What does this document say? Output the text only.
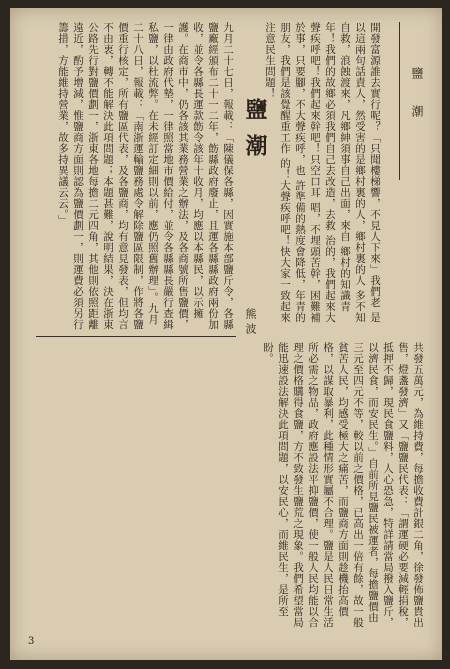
鹽潮
開發富源誰去實行呢？「只聞樓梯響，不見人下來」我們老 是以這兩句話責人，然受害的是鄉村裏的人，鄉村裏的人 多不知自救，浪蝕渡來，凡鄉紳須事自己出面，來自 鄉村的知識青年！我們的故鄉必須我們自己去改造，去救 治的，我們起來大聲疾呼吧！我們起來幹吧！只空口耳 唱，不埋頭苦幹，困難補於事，只要腳，不大聲疾呼，也 許準備的熱度會降低，年青的朋友，我們是該覺醒重工作 的！大聲疾呼吧！快大家一致起來注意民生問題！
鹽潮
熊波
九月二十七日，報載：「陳儀保各縣，因實施本部鹽斤令，各縣鹽廠經頒布二十一二年，飭縣政府廢止，且運各縣縣政府兩份加收，並令各縣長運款飭令該年十收月，均應以本縣民，以示擁護。在商市中，仍各該其業務營業之辦法，及各商號所售鹽價，一律由政府代墊，一律照當地市價給付，並令各縣縣長嚴行查緝私鹽，以杜流弊。在未經訂定細則以前，應仍照舊辦理」。九月二十八日，報載：「南浙運輸鹽務處令解除鹽區限制，作將各鹽價重行核定，所有鹽區代表，及各鹽商，均有意見發表，但均言不由衷，轉不能解決此項問題；本題甚難，說明結果，決在浙東公路先行對鹽價劃一，浙東各地每擔二元四角，其他則依照距離遠近，酌予增減，惟鹽商方面則認為鹽價劃一，則運費必須另行籌措，方能維持營業，故多持異議云云。」
共發五萬元，為維持費，每擔收費計銀二角，徐發佈鹽貴出售，燈盞發濟」又「鹽鹽民代表：「謂運硬必要減輕捐稅，抵押不歸，現民食鹽料，人心恐急，特詳請當局撥入鹽斤，以濟民食，而安民生。」自前所見鹽民被運者，每擔鹽價由三元至四元不等，較以前之價格，已高出一倍有餘，故一般貧苦人民，均感受極大之痛苦，而鹽商方面則趁機抬高價格，以謀取暴利，此種情形實屬不合理。鹽是人民日常生活所必需之物品，政府應設法平抑鹽價，使一般人民均能以合理之價格購得食鹽，方不致發生鹽荒之現象。我們希望當局能迅速設法解決此項問題，以安民心，而維民生，是所至盼。
3
